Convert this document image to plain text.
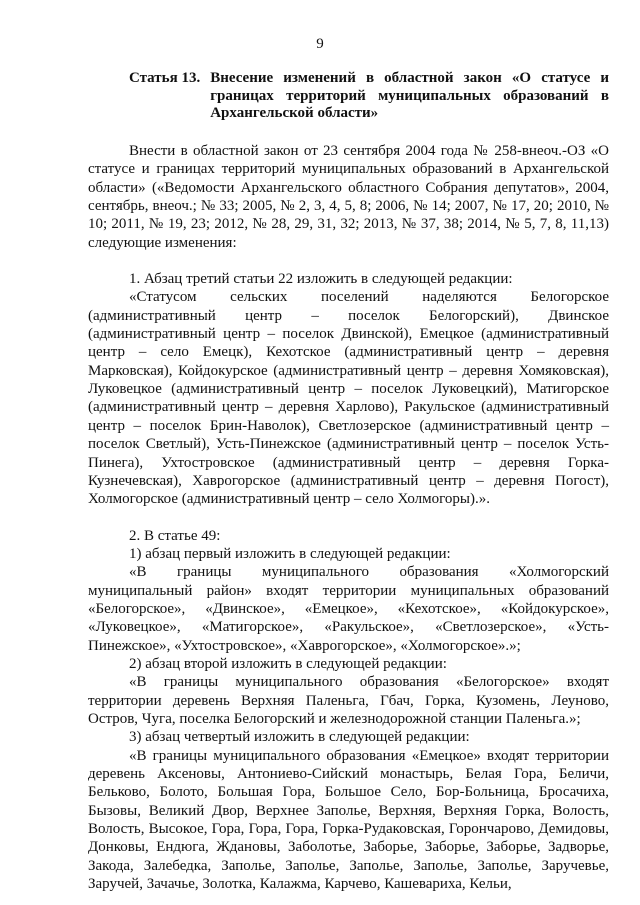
9
Статья 13. Внесение изменений в областной закон «О статусе и границах территорий муниципальных образований в Архангельской области»

Внести в областной закон от 23 сентября 2004 года № 258-внеоч.-ОЗ «О статусе и границах территорий муниципальных образований в Архангельской области» («Ведомости Архангельского областного Собрания депутатов», 2004, сентябрь, внеоч.; № 33; 2005, № 2, 3, 4, 5, 8; 2006, № 14; 2007, № 17, 20; 2010, № 10; 2011, № 19, 23; 2012, № 28, 29, 31, 32; 2013, № 37, 38; 2014, № 5, 7, 8, 11,13) следующие изменения:

1. Абзац третий статьи 22 изложить в следующей редакции:

«Статусом сельских поселений наделяются Белогорское (административный центр – поселок Белогорский), Двинское (административный центр – поселок Двинской), Емецкое (административный центр – село Емецк), Кехотское (административный центр – деревня Марковская), Койдокурское (административный центр – деревня Хомяковская), Луковецкое (административный центр – поселок Луковецкий), Матигорское (административный центр – деревня Харлово), Ракульское (административный центр – поселок Брин-Наволок), Светлозерское (административный центр – поселок Светлый), Усть-Пинежское (административный центр – поселок Усть-Пинега), Ухтостровское (административный центр – деревня Горка-Кузнечевская), Хаврогорское (административный центр – деревня Погост), Холмогорское (административный центр – село Холмогоры).».

2. В статье 49:

1) абзац первый изложить в следующей редакции:

«В границы муниципального образования «Холмогорский муниципальный район» входят территории муниципальных образований «Белогорское», «Двинское», «Емецкое», «Кехотское», «Койдокурское», «Луковецкое», «Матигорское», «Ракульское», «Светлозерское», «Усть-Пинежское», «Ухтостровское», «Хаврогорское», «Холмогорское».»;

2) абзац второй изложить в следующей редакции:

«В границы муниципального образования «Белогорское» входят территории деревень Верхняя Паленьга, Гбач, Горка, Кузомень, Леуново, Остров, Чуга, поселка Белогорский и железнодорожной станции Паленьга.»;

3) абзац четвертый изложить в следующей редакции:

«В границы муниципального образования «Емецкое» входят территории деревень Аксеновы, Антониево-Сийский монастырь, Белая Гора, Беличи, Бельково, Болото, Большая Гора, Большое Село, Бор-Больница, Бросачиха, Бызовы, Великий Двор, Верхнее Заполье, Верхняя, Верхняя Горка, Волость, Волость, Высокое, Гора, Гора, Гора, Горка-Рудаковская, Горончарово, Демидовы, Донковы, Ендюга, Ждановы, Заболотье, Заборье, Заборье, Заборье, Задворье, Закода, Залебедка, Заполье, Заполье, Заполье, Заполье, Заполье, Заручевье, Заручей, Зачачье, Золотка, Калажма, Карчево, Кашевариха, Кельи,
